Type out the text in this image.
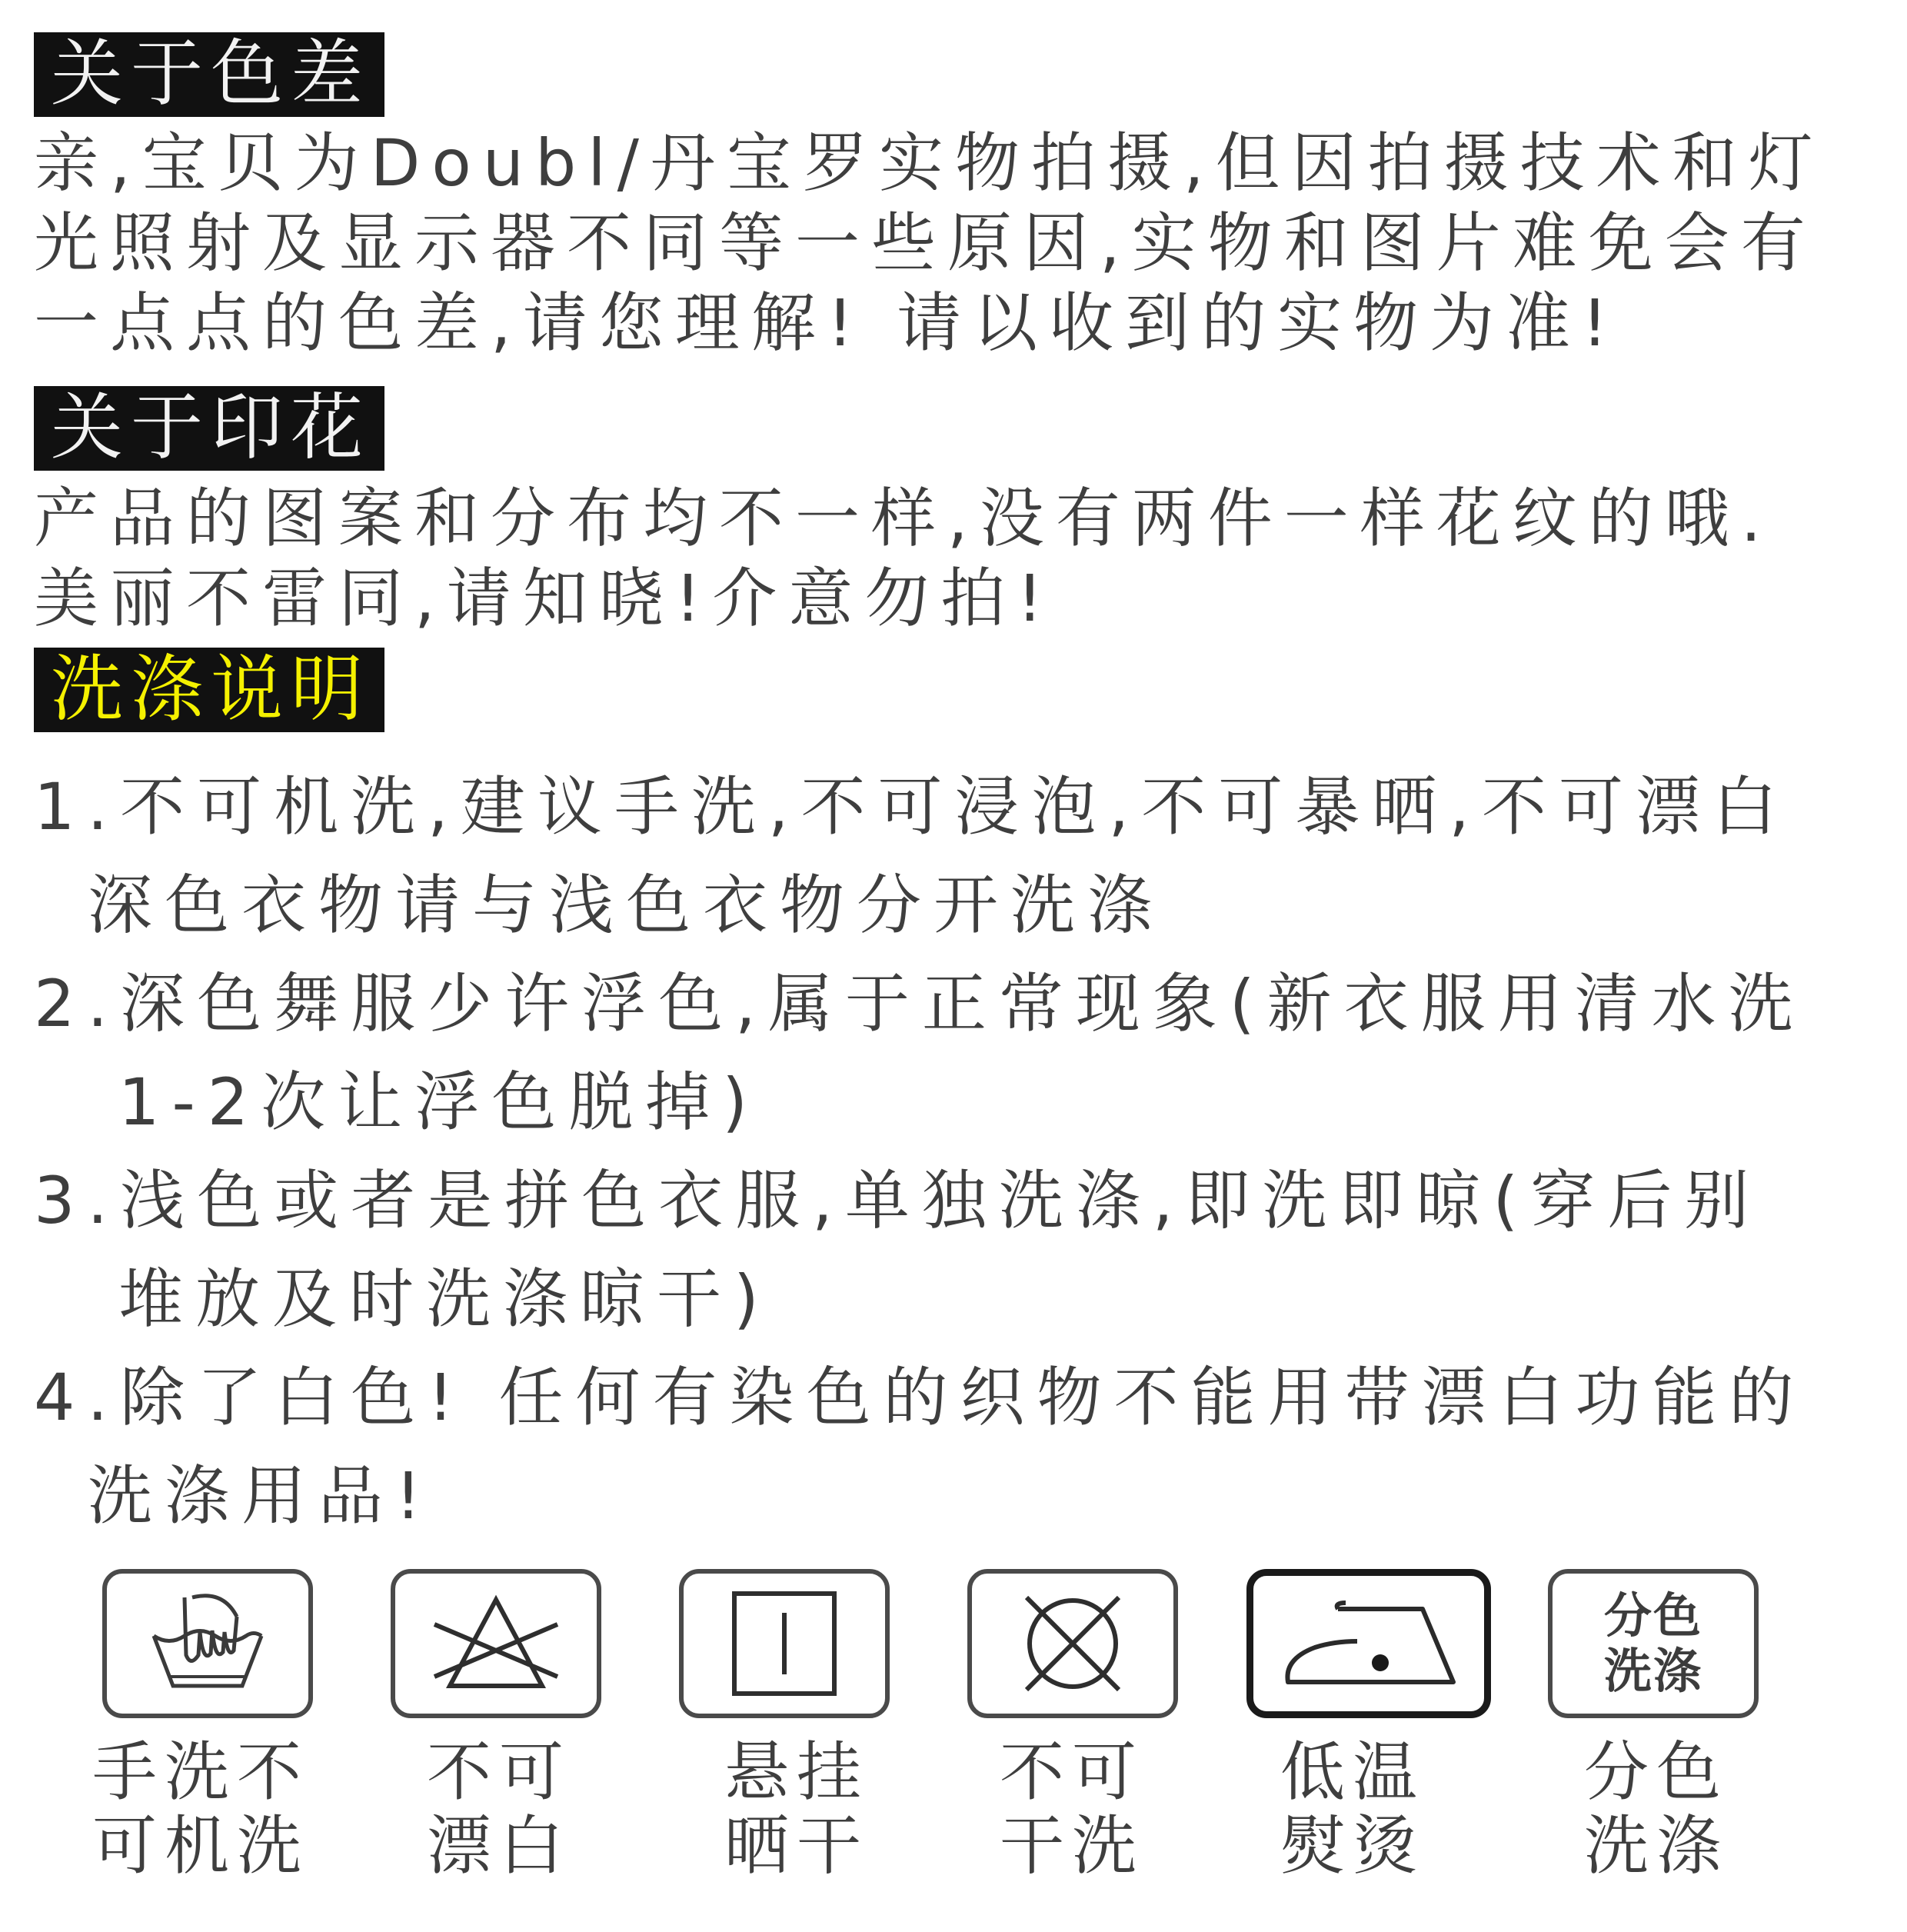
关于色差
亲,宝贝为Doubl/丹宝罗实物拍摄,但因拍摄技术和灯
光照射及显示器不同等一些原因,实物和图片难免会有
一点点的色差,请您理解! 请以收到的实物为准!
关于印花
产品的图案和分布均不一样,没有两件一样花纹的哦.
美丽不雷同,请知晓!介意勿拍!
洗涤说明
1.不可机洗,建议手洗,不可浸泡,不可暴晒,不可漂白
深色衣物请与浅色衣物分开洗涤
2.深色舞服少许浮色,属于正常现象(新衣服用清水洗
1-2次让浮色脱掉)
3.浅色或者是拼色衣服,单独洗涤,即洗即晾(穿后别
堆放及时洗涤晾干)
4.除了白色! 任何有染色的织物不能用带漂白功能的
洗涤用品!
手洗不
可机洗
不可
漂白
悬挂
晒干
不可
干洗
低温
熨烫
分色洗涤
分色
洗涤
